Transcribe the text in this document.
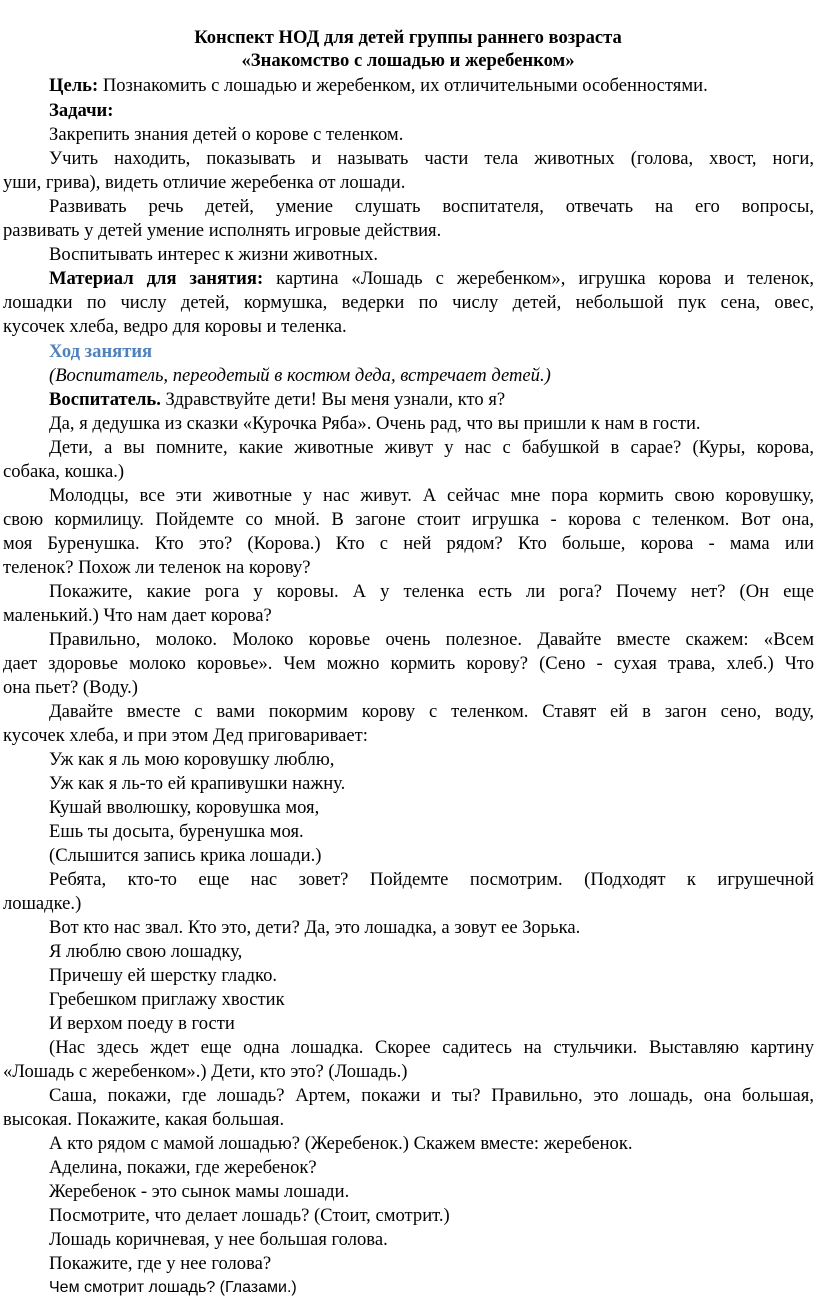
Конспект НОД для детей группы раннего возраста
«Знакомство с лошадью и жеребенком»
Цель: Познакомить с лошадью и жеребенком, их отличительными особенностями.
Задачи:
Закрепить знания детей о корове с теленком.
Учить находить, показывать и называть части тела животных (голова, хвост, ноги,
уши, грива), видеть отличие жеребенка от лошади.
Развивать речь детей, умение слушать воспитателя, отвечать на его вопросы,
развивать у детей умение исполнять игровые действия.
Воспитывать интерес к жизни животных.
Материал для занятия: картина «Лошадь с жеребенком», игрушка корова и теленок,
лошадки по числу детей, кормушка, ведерки по числу детей, небольшой пук сена, овес,
кусочек хлеба, ведро для коровы и теленка.
Ход занятия
(Воспитатель, переодетый в костюм деда, встречает детей.)
Воспитатель. Здравствуйте дети! Вы меня узнали, кто я?
Да, я дедушка из сказки «Курочка Ряба». Очень рад, что вы пришли к нам в гости.
Дети, а вы помните, какие животные живут у нас с бабушкой в сарае? (Куры, корова,
собака, кошка.)
Молодцы, все эти животные у нас живут. А сейчас мне пора кормить свою коровушку,
свою кормилицу. Пойдемте со мной. В загоне стоит игрушка - корова с теленком. Вот она,
моя Буренушка. Кто это? (Корова.) Кто с ней рядом? Кто больше, корова - мама или
теленок? Похож ли теленок на корову?
Покажите, какие рога у коровы. А у теленка есть ли рога? Почему нет? (Он еще
маленький.) Что нам дает корова?
Правильно, молоко. Молоко коровье очень полезное. Давайте вместе скажем: «Всем
дает здоровье молоко коровье». Чем можно кормить корову? (Сено - сухая трава, хлеб.) Что
она пьет? (Воду.)
Давайте вместе с вами покормим корову с теленком. Ставят ей в загон сено, воду,
кусочек хлеба, и при этом Дед приговаривает:
Уж как я ль мою коровушку люблю,
Уж как я ль-то ей крапивушки нажну.
Кушай вволюшку, коровушка моя,
Ешь ты досыта, буренушка моя.
(Слышится запись крика лошади.)
Ребята, кто-то еще нас зовет? Пойдемте посмотрим. (Подходят к игрушечной
лошадке.)
Вот кто нас звал. Кто это, дети? Да, это лошадка, а зовут ее Зорька.
Я люблю свою лошадку,
Причешу ей шерстку гладко.
Гребешком приглажу хвостик
И верхом поеду в гости
(Нас здесь ждет еще одна лошадка. Скорее садитесь на стульчики. Выставляю картину
«Лошадь с жеребенком».) Дети, кто это? (Лошадь.)
Саша, покажи, где лошадь? Артем, покажи и ты? Правильно, это лошадь, она большая,
высокая. Покажите, какая большая.
А кто рядом с мамой лошадью? (Жеребенок.) Скажем вместе: жеребенок.
Аделина, покажи, где жеребенок?
Жеребенок - это сынок мамы лошади.
Посмотрите, что делает лошадь? (Стоит, смотрит.)
Лошадь коричневая, у нее большая голова.
Покажите, где у нее голова?
Чем смотрит лошадь? (Глазами.)
